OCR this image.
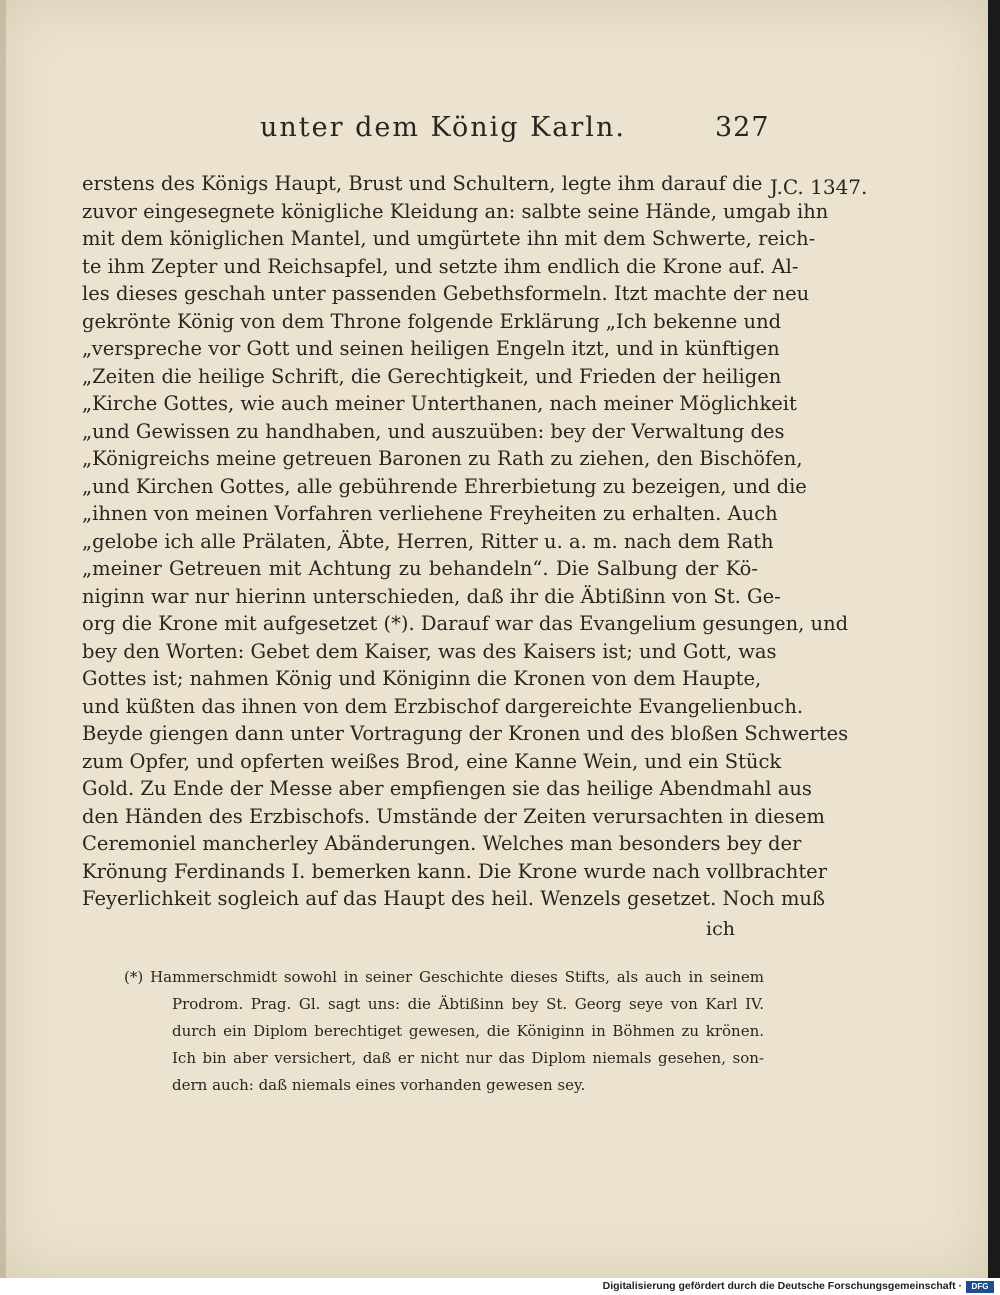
unter dem König Karln.	327
J.C. 1347.
erstens des Königs Haupt, Brust und Schultern, legte ihm darauf die
zuvor eingesegnete königliche Kleidung an: salbte seine Hände, umgab ihn
mit dem königlichen Mantel, und umgürtete ihn mit dem Schwerte, reich-
te ihm Zepter und Reichsapfel, und setzte ihm endlich die Krone auf. Al-
les dieses geschah unter passenden Gebethsformeln. Itzt machte der neu
gekrönte König von dem Throne folgende Erklärung „Ich bekenne und
„verspreche vor Gott und seinen heiligen Engeln itzt, und in künftigen
„Zeiten die heilige Schrift, die Gerechtigkeit, und Frieden der heiligen
„Kirche Gottes, wie auch meiner Unterthanen, nach meiner Möglichkeit
„und Gewissen zu handhaben, und auszuüben: bey der Verwaltung des
„Königreichs meine getreuen Baronen zu Rath zu ziehen, den Bischöfen,
„und Kirchen Gottes, alle gebührende Ehrerbietung zu bezeigen, und die
„ihnen von meinen Vorfahren verliehene Freyheiten zu erhalten. Auch
„gelobe ich alle Prälaten, Äbte, Herren, Ritter u. a. m. nach dem Rath
„meiner Getreuen mit Achtung zu behandeln“. Die Salbung der Kö-
niginn war nur hierinn unterschieden, daß ihr die Äbtißinn von St. Ge-
org die Krone mit aufgesetzet (*). Darauf war das Evangelium gesungen, und
bey den Worten: Gebet dem Kaiser, was des Kaisers ist; und Gott, was
Gottes ist; nahmen König und Königinn die Kronen von dem Haupte,
und küßten das ihnen von dem Erzbischof dargereichte Evangelienbuch.
Beyde giengen dann unter Vortragung der Kronen und des bloßen Schwertes
zum Opfer, und opferten weißes Brod, eine Kanne Wein, und ein Stück
Gold. Zu Ende der Messe aber empfiengen sie das heilige Abendmahl aus
den Händen des Erzbischofs. Umstände der Zeiten verursachten in diesem
Ceremoniel mancherley Abänderungen. Welches man besonders bey der
Krönung Ferdinands I. bemerken kann. Die Krone wurde nach vollbrachter
Feyerlichkeit sogleich auf das Haupt des heil. Wenzels gesetzet. Noch muß
ich
(*) Hammerschmidt sowohl in seiner Geschichte dieses Stifts, als auch in seinem
Prodrom. Prag. Gl. sagt uns: die Äbtißinn bey St. Georg seye von Karl IV.
durch ein Diplom berechtiget gewesen, die Königinn in Böhmen zu krönen.
Ich bin aber versichert, daß er nicht nur das Diplom niemals gesehen, son-
dern auch: daß niemals eines vorhanden gewesen sey.
Digitalisierung gefördert durch die Deutsche Forschungsgemeinschaft ·	DFG
